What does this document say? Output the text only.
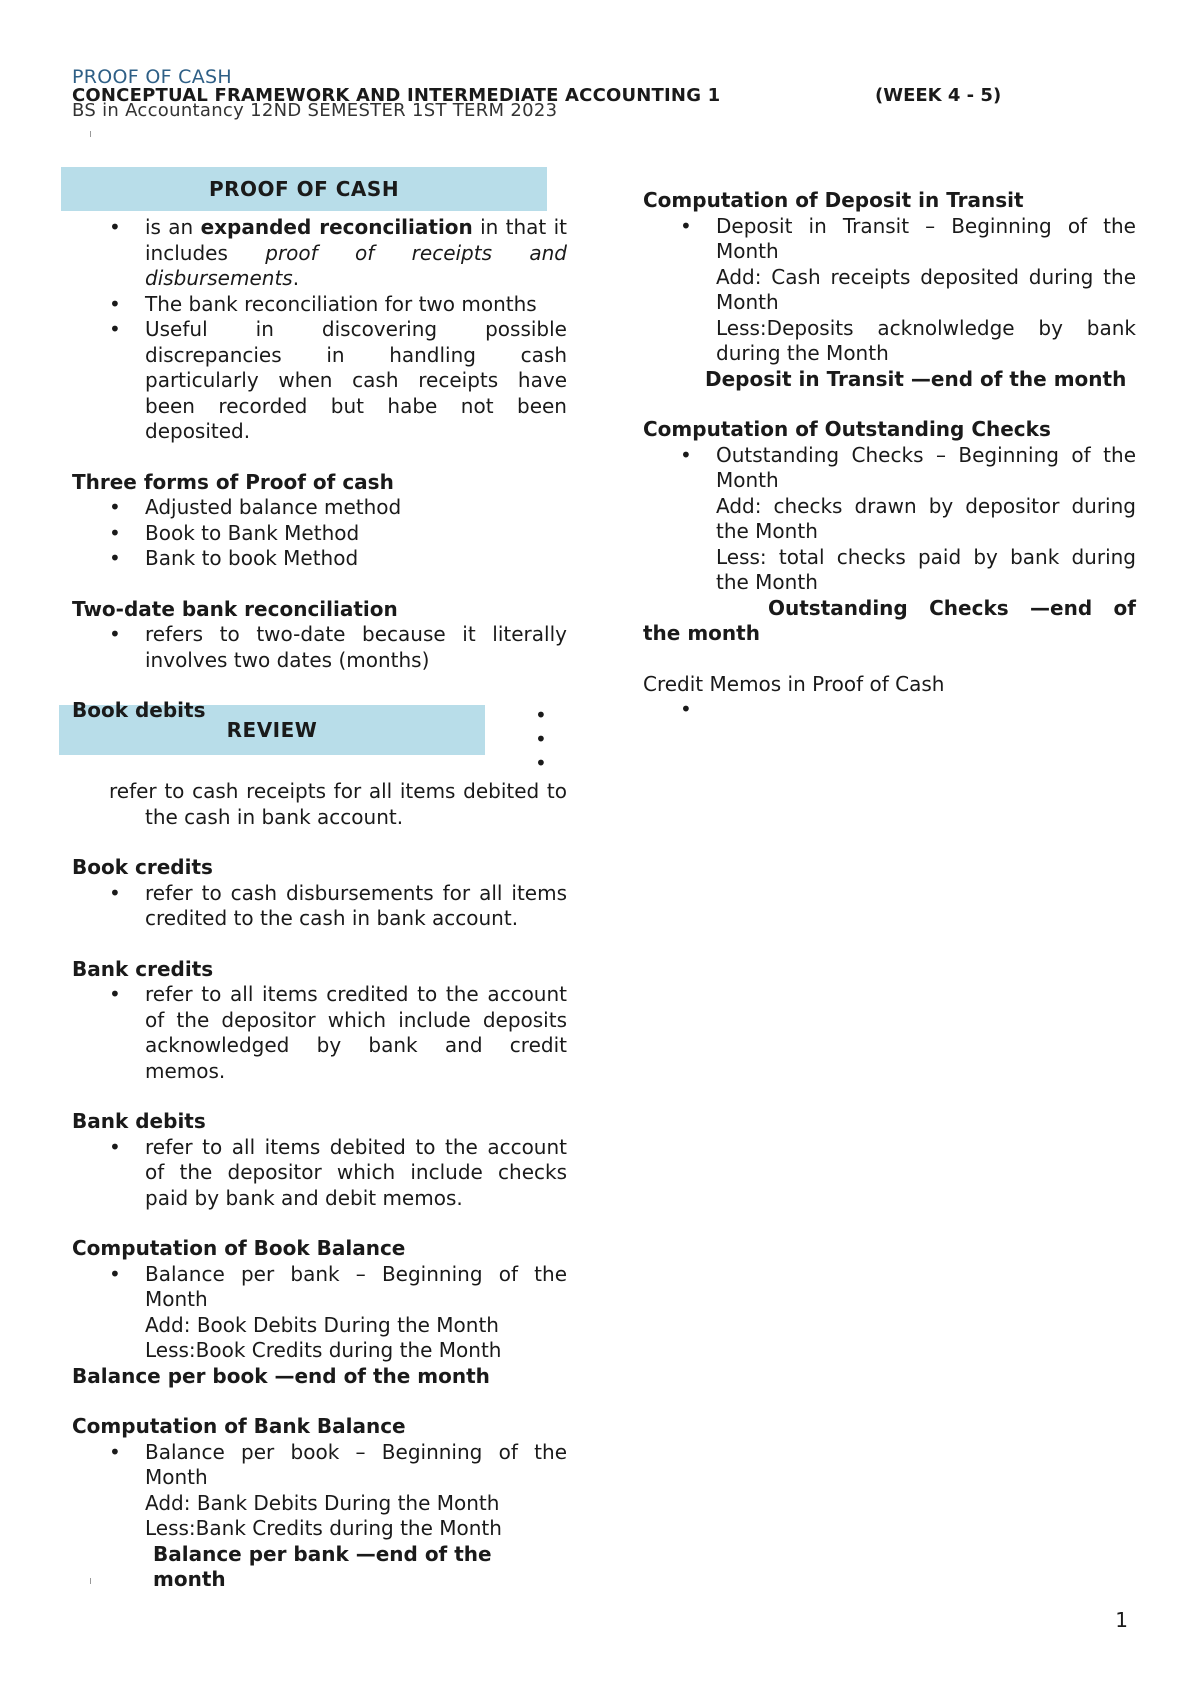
PROOF OF CASH
CONCEPTUAL FRAMEWORK AND INTERMEDIATE ACCOUNTING 1	(WEEK 4 - 5)
BS in Accountancy 12ND SEMESTER 1ST TERM 2023
PROOF OF CASH
REVIEW
•
•
•
• is an expanded reconciliation in that it includes proof of receipts and disbursements.
• The bank reconciliation for two months
• Useful in discovering possible discrepancies in handling cash particularly when cash receipts have been recorded but habe not been deposited.

Three forms of Proof of cash

• Adjusted balance method
• Book to Bank Method
• Bank to book Method

Two-date bank reconciliation

• refers to two-date because it literally involves two dates (months)

Book debits

refer to cash receipts for all items debited to the cash in bank account.

Book credits

• refer to cash disbursements for all items credited to the cash in bank account.

Bank credits

• refer to all items credited to the account of the depositor which include deposits acknowledged by bank and credit memos.

Bank debits

• refer to all items debited to the account of the depositor which include checks paid by bank and debit memos.

Computation of Book Balance

• Balance per bank – Beginning of the Month
Add: Book Debits During the Month
Less:Book Credits during the Month

Balance per book —end of the month

Computation of Bank Balance

• Balance per book – Beginning of the Month
Add: Bank Debits During the Month
Less:Bank Credits during the Month

Balance per bank —end of the month

Computation of Deposit in Transit

• Deposit in Transit – Beginning of the Month
Add: Cash receipts deposited during the Month
Less:Deposits acknolwledge by bank during the Month

Deposit in Transit —end of the month

Computation of Outstanding Checks

• Outstanding Checks – Beginning of the Month
Add: checks drawn by depositor during the Month
Less: total checks paid by bank during the Month

Outstanding Checks —end of the month

Credit Memos in Proof of Cash

•
1
